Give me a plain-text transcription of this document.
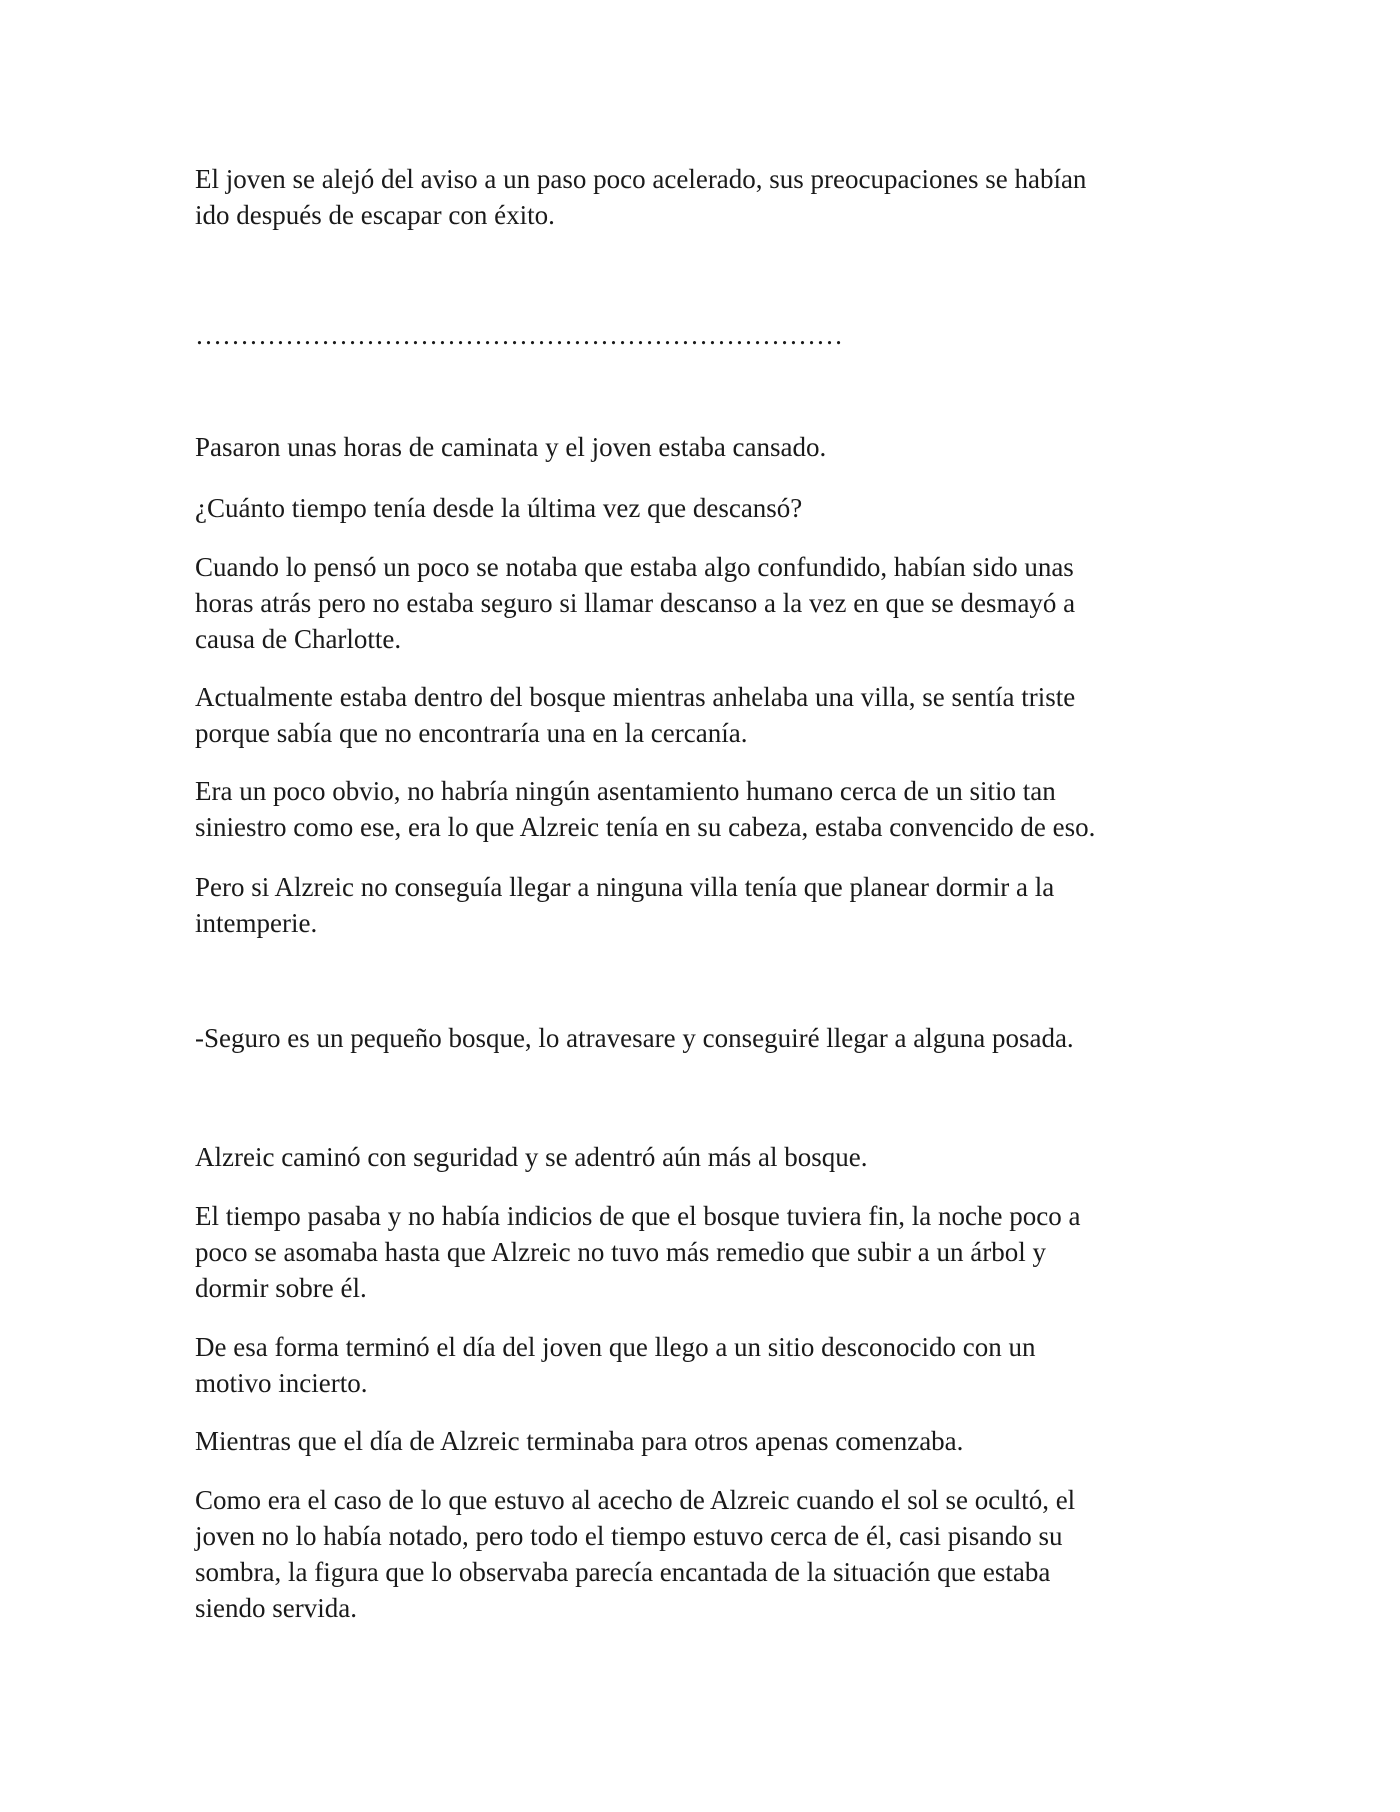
El joven se alejó del aviso a un paso poco acelerado, sus preocupaciones se habían
ido después de escapar con éxito.

………………………………………………………………

Pasaron unas horas de caminata y el joven estaba cansado.

¿Cuánto tiempo tenía desde la última vez que descansó?

Cuando lo pensó un poco se notaba que estaba algo confundido, habían sido unas
horas atrás pero no estaba seguro si llamar descanso a la vez en que se desmayó a
causa de Charlotte.

Actualmente estaba dentro del bosque mientras anhelaba una villa, se sentía triste
porque sabía que no encontraría una en la cercanía.

Era un poco obvio, no habría ningún asentamiento humano cerca de un sitio tan
siniestro como ese, era lo que Alzreic tenía en su cabeza, estaba convencido de eso.

Pero si Alzreic no conseguía llegar a ninguna villa tenía que planear dormir a la
intemperie.

-Seguro es un pequeño bosque, lo atravesare y conseguiré llegar a alguna posada.

Alzreic caminó con seguridad y se adentró aún más al bosque.

El tiempo pasaba y no había indicios de que el bosque tuviera fin, la noche poco a
poco se asomaba hasta que Alzreic no tuvo más remedio que subir a un árbol y
dormir sobre él.

De esa forma terminó el día del joven que llego a un sitio desconocido con un
motivo incierto.

Mientras que el día de Alzreic terminaba para otros apenas comenzaba.

Como era el caso de lo que estuvo al acecho de Alzreic cuando el sol se ocultó, el
joven no lo había notado, pero todo el tiempo estuvo cerca de él, casi pisando su
sombra, la figura que lo observaba parecía encantada de la situación que estaba
siendo servida.
